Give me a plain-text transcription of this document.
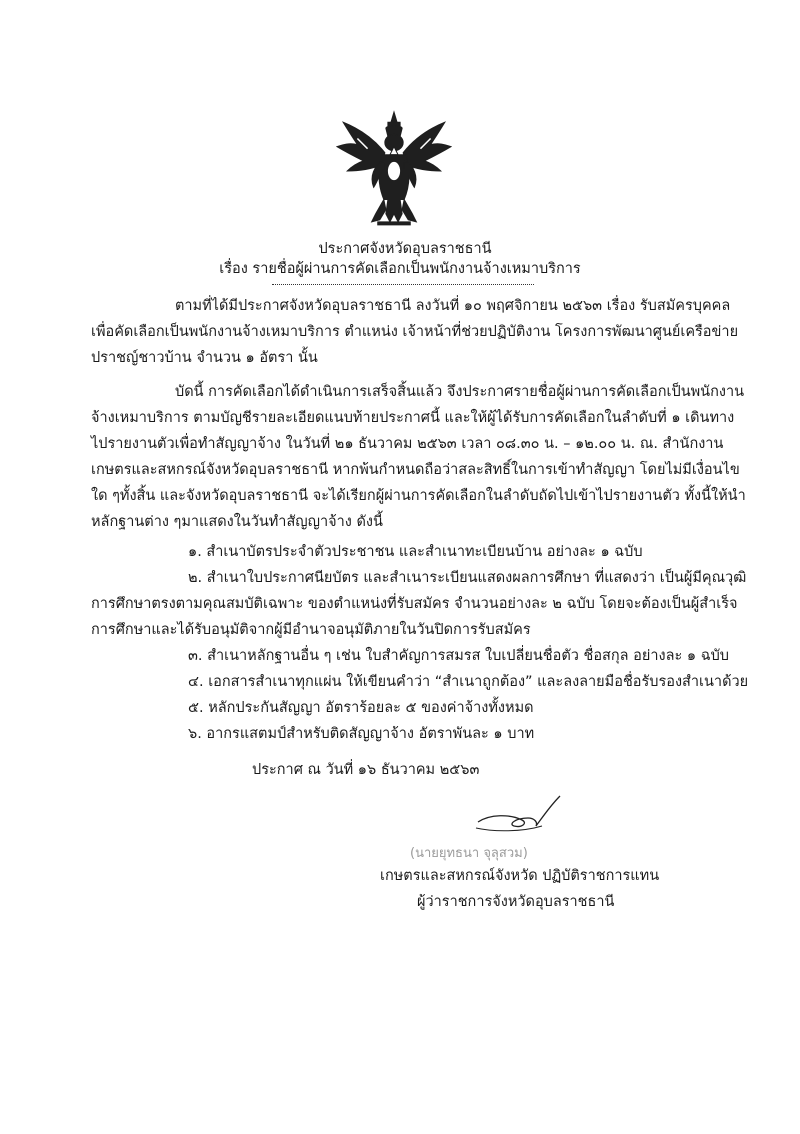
ประกาศจังหวัดอุบลราชธานี
เรื่อง รายชื่อผู้ผ่านการคัดเลือกเป็นพนักงานจ้างเหมาบริการ
ตามที่ได้มีประกาศจังหวัดอุบลราชธานี ลงวันที่ ๑๐ พฤศจิกายน ๒๕๖๓ เรื่อง รับสมัครบุคคล
เพื่อคัดเลือกเป็นพนักงานจ้างเหมาบริการ ตำแหน่ง เจ้าหน้าที่ช่วยปฏิบัติงาน โครงการพัฒนาศูนย์เครือข่าย
ปราชญ์ชาวบ้าน จำนวน ๑ อัตรา นั้น
บัดนี้ การคัดเลือกได้ดำเนินการเสร็จสิ้นแล้ว จึงประกาศรายชื่อผู้ผ่านการคัดเลือกเป็นพนักงาน
จ้างเหมาบริการ ตามบัญชีรายละเอียดแนบท้ายประกาศนี้ และให้ผู้ได้รับการคัดเลือกในลำดับที่ ๑ เดินทาง
ไปรายงานตัวเพื่อทำสัญญาจ้าง ในวันที่ ๒๑ ธันวาคม ๒๕๖๓ เวลา ๐๘.๓๐ น. – ๑๒.๐๐ น. ณ. สำนักงาน
เกษตรและสหกรณ์จังหวัดอุบลราชธานี หากพ้นกำหนดถือว่าสละสิทธิ์ในการเข้าทำสัญญา โดยไม่มีเงื่อนไข
ใด ๆทั้งสิ้น และจังหวัดอุบลราชธานี จะได้เรียกผู้ผ่านการคัดเลือกในลำดับถัดไปเข้าไปรายงานตัว ทั้งนี้ให้นำ
หลักฐานต่าง ๆมาแสดงในวันทำสัญญาจ้าง ดังนี้
๑. สำเนาบัตรประจำตัวประชาชน และสำเนาทะเบียนบ้าน อย่างละ ๑ ฉบับ
๒. สำเนาใบประกาศนียบัตร และสำเนาระเบียนแสดงผลการศึกษา ที่แสดงว่า เป็นผู้มีคุณวุฒิ
การศึกษาตรงตามคุณสมบัติเฉพาะ ของตำแหน่งที่รับสมัคร จำนวนอย่างละ ๒ ฉบับ โดยจะต้องเป็นผู้สำเร็จ
การศึกษาและได้รับอนุมัติจากผู้มีอำนาจอนุมัติภายในวันปิดการรับสมัคร
๓. สำเนาหลักฐานอื่น ๆ เช่น ใบสำคัญการสมรส ใบเปลี่ยนชื่อตัว ชื่อสกุล อย่างละ ๑ ฉบับ
๔. เอกสารสำเนาทุกแผ่น ให้เขียนคำว่า “สำเนาถูกต้อง” และลงลายมือชื่อรับรองสำเนาด้วย
๕. หลักประกันสัญญา อัตราร้อยละ ๕ ของค่าจ้างทั้งหมด
๖. อากรแสตมป์สำหรับติดสัญญาจ้าง อัตราพันละ ๑ บาท
ประกาศ ณ วันที่ ๑๖ ธันวาคม ๒๕๖๓
(นายยุทธนา จุลุสวม)
เกษตรและสหกรณ์จังหวัด ปฏิบัติราชการแทน
ผู้ว่าราชการจังหวัดอุบลราชธานี
